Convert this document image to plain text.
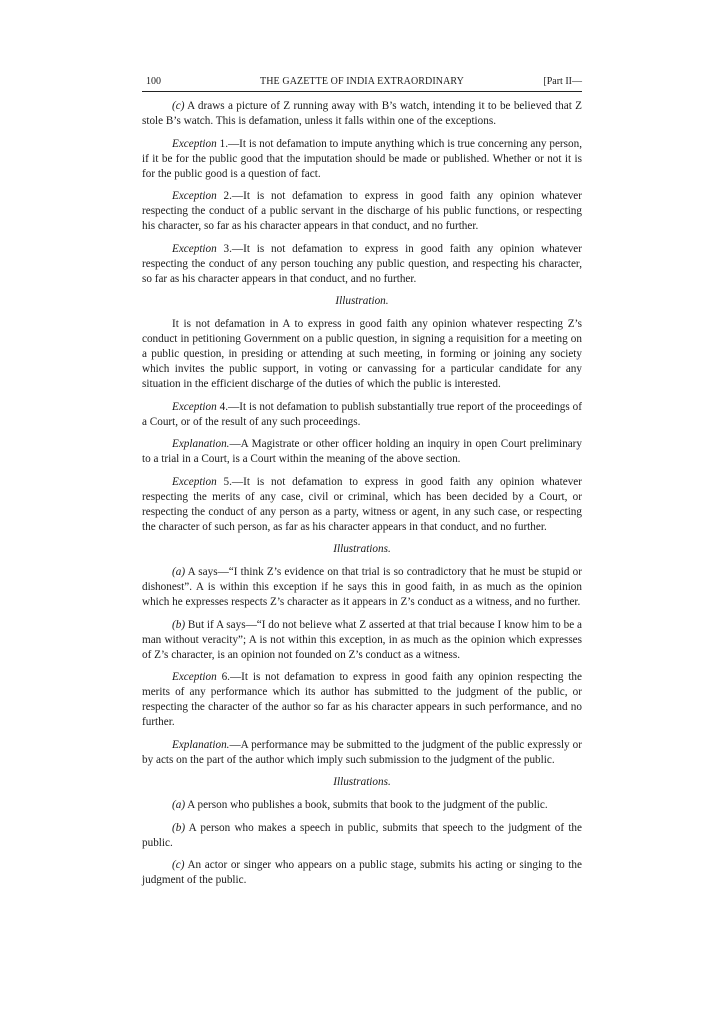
100	THE GAZETTE OF INDIA EXTRAORDINARY	[Part II—

(c) A draws a picture of Z running away with B’s watch, intending it to be believed that Z stole B’s watch. This is defamation, unless it falls within one of the exceptions.

Exception 1.—It is not defamation to impute anything which is true concerning any person, if it be for the public good that the imputation should be made or published. Whether or not it is for the public good is a question of fact.

Exception 2.—It is not defamation to express in good faith any opinion whatever respecting the conduct of a public servant in the discharge of his public functions, or respecting his character, so far as his character appears in that conduct, and no further.

Exception 3.—It is not defamation to express in good faith any opinion whatever respecting the conduct of any person touching any public question, and respecting his character, so far as his character appears in that conduct, and no further.

Illustration.

It is not defamation in A to express in good faith any opinion whatever respecting Z’s conduct in petitioning Government on a public question, in signing a requisition for a meeting on a public question, in presiding or attending at such meeting, in forming or joining any society which invites the public support, in voting or canvassing for a particular candidate for any situation in the efficient discharge of the duties of which the public is interested.

Exception 4.—It is not defamation to publish substantially true report of the proceedings of a Court, or of the result of any such proceedings.

Explanation.—A Magistrate or other officer holding an inquiry in open Court preliminary to a trial in a Court, is a Court within the meaning of the above section.

Exception 5.—It is not defamation to express in good faith any opinion whatever respecting the merits of any case, civil or criminal, which has been decided by a Court, or respecting the conduct of any person as a party, witness or agent, in any such case, or respecting the character of such person, as far as his character appears in that conduct, and no further.

Illustrations.

(a) A says—“I think Z’s evidence on that trial is so contradictory that he must be stupid or dishonest”. A is within this exception if he says this in good faith, in as much as the opinion which he expresses respects Z’s character as it appears in Z’s conduct as a witness, and no further.

(b) But if A says—“I do not believe what Z asserted at that trial because I know him to be a man without veracity”; A is not within this exception, in as much as the opinion which expresses of Z’s character, is an opinion not founded on Z’s conduct as a witness.

Exception 6.—It is not defamation to express in good faith any opinion respecting the merits of any performance which its author has submitted to the judgment of the public, or respecting the character of the author so far as his character appears in such performance, and no further.

Explanation.—A performance may be submitted to the judgment of the public expressly or by acts on the part of the author which imply such submission to the judgment of the public.

Illustrations.

(a) A person who publishes a book, submits that book to the judgment of the public.

(b) A person who makes a speech in public, submits that speech to the judgment of the public.

(c) An actor or singer who appears on a public stage, submits his acting or singing to the judgment of the public.
